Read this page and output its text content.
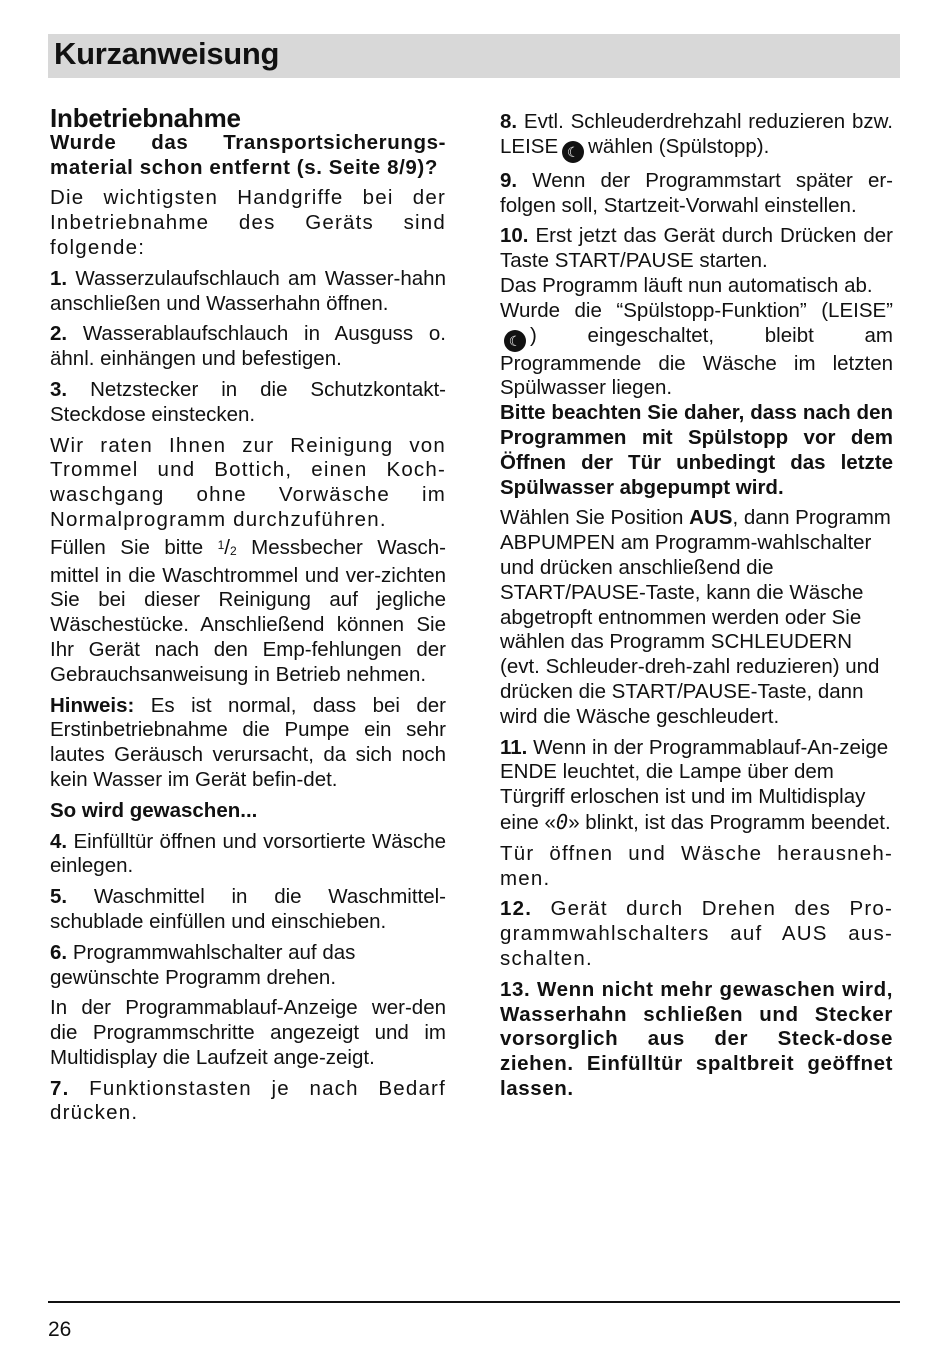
Kurzanweisung

Inbetriebnahme

Wurde das Transportsicherungs-material schon entfernt (s. Seite 8/9)?

Die wichtigsten Handgriffe bei der Inbetriebnahme des Geräts sind folgende:

1. Wasserzulaufschlauch am Wasser-hahn anschließen und Wasserhahn öffnen.

2. Wasserablaufschlauch in Ausguss o. ähnl. einhängen und befestigen.

3. Netzstecker in die Schutzkontakt-Steckdose einstecken.

Wir raten Ihnen zur Reinigung von Trommel und Bottich, einen Koch-waschgang ohne Vorwäsche im Normalprogramm durchzuführen.

Füllen Sie bitte $^1$/2 Messbecher Wasch-mittel in die Waschtrommel und ver-zichten Sie bei dieser Reinigung auf jegliche Wäschestücke. Anschließend können Sie Ihr Gerät nach den Emp-fehlungen der Gebrauchsanweisung in Betrieb nehmen.

Hinweis: Es ist normal, dass bei der Erstinbetriebnahme die Pumpe ein sehr lautes Geräusch verursacht, da sich noch kein Wasser im Gerät befin-det.

So wird gewaschen...

4. Einfülltür öffnen und vorsortierte Wäsche einlegen.

5. Waschmittel in die Waschmittel-schublade einfüllen und einschieben.

6. Programmwahlschalter auf das gewünschte Programm drehen.

In der Programmablauf-Anzeige wer-den die Programmschritte angezeigt und im Multidisplay die Laufzeit ange-zeigt.

7. Funktionstasten je nach Bedarf drücken.

8. Evtl. Schleuderdrehzahl reduzieren bzw. LEISE ☾ wählen (Spülstopp).

9. Wenn der Programmstart später er-folgen soll, Startzeit-Vorwahl einstellen.

10. Erst jetzt das Gerät durch Drücken der Taste START/PAUSE starten.

Das Programm läuft nun automatisch ab.

Wurde die “Spülstopp-Funktion” (LEISE”☾ ) eingeschaltet, bleibt am Programmende die Wäsche im letzten Spülwasser liegen.

Bitte beachten Sie daher, dass nach den Programmen mit Spülstopp vor dem Öffnen der Tür unbedingt das letzte Spülwasser abgepumpt wird.

Wählen Sie Position AUS, dann Programm ABPUMPEN am Programm-wahlschalter und drücken anschließend die START/PAUSE-Taste, kann die Wäsche abgetropft entnommen werden oder Sie wählen das Programm SCHLEUDERN (evt. Schleuder-dreh-zahl reduzieren) und drücken die START/PAUSE-Taste, dann wird die Wäsche geschleudert.

11. Wenn in der Programmablauf-An-zeige ENDE leuchtet, die Lampe über dem Türgriff erloschen ist und im Multidisplay eine «0» blinkt, ist das Programm beendet.

Tür öffnen und Wäsche herausneh-men.

12. Gerät durch Drehen des Pro-grammwahlschalters auf AUS aus-schalten.

13. Wenn nicht mehr gewaschen wird, Wasserhahn schließen und Stecker vorsorglich aus der Steck-dose ziehen. Einfülltür spaltbreit geöffnet lassen.

26
